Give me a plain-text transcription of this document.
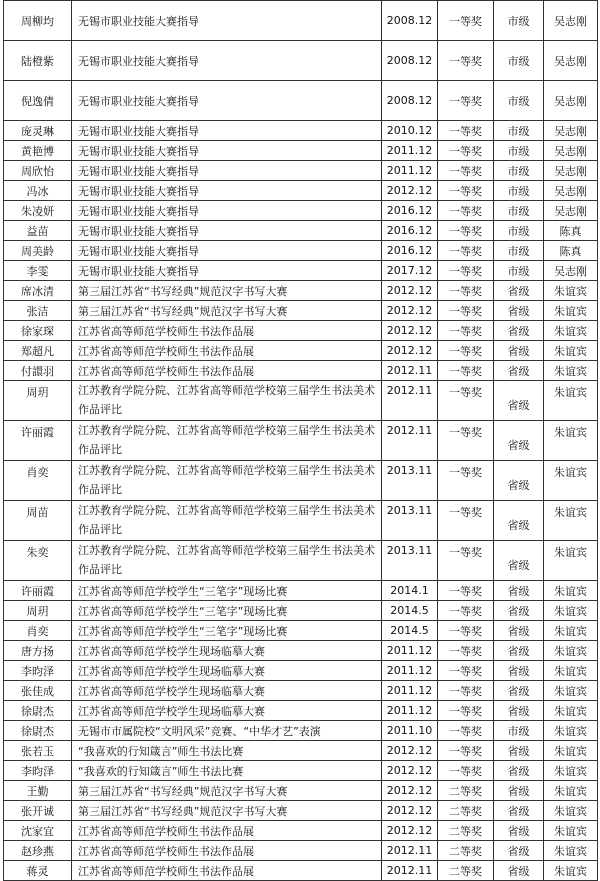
周柳均	无锡市职业技能大赛指导	2008.12	一等奖	市级	吴志刚
陆橙紫	无锡市职业技能大赛指导	2008.12	一等奖	市级	吴志刚
倪逸倩	无锡市职业技能大赛指导	2008.12	一等奖	市级	吴志刚
庞灵琳	无锡市职业技能大赛指导	2010.12	一等奖	市级	吴志刚
黄艳博	无锡市职业技能大赛指导	2011.12	一等奖	市级	吴志刚
周欣怡	无锡市职业技能大赛指导	2011.12	一等奖	市级	吴志刚
冯冰	无锡市职业技能大赛指导	2012.12	一等奖	市级	吴志刚
朱凌妍	无锡市职业技能大赛指导	2016.12	一等奖	市级	吴志刚
益苗	无锡市职业技能大赛指导	2016.12	一等奖	市级	陈真
周美龄	无锡市职业技能大赛指导	2016.12	一等奖	市级	陈真
李雯	无锡市职业技能大赛指导	2017.12	一等奖	市级	吴志刚
席冰清	第三届江苏省“书写经典”规范汉字书写大赛	2012.12	一等奖	省级	朱谊宾
张洁	第三届江苏省“书写经典”规范汉字书写大赛	2012.12	一等奖	省级	朱谊宾
徐家琛	江苏省高等师范学校师生书法作品展	2012.12	一等奖	省级	朱谊宾
郑超凡	江苏省高等师范学校师生书法作品展	2012.12	一等奖	省级	朱谊宾
付譞羽	江苏省高等师范学校师生书法作品展	2012.11	一等奖	省级	朱谊宾
周玥	江苏教育学院分院、江苏省高等师范学校第三届学生书法美术作品评比	2012.11	一等奖	省级	朱谊宾
许丽霞	江苏教育学院分院、江苏省高等师范学校第三届学生书法美术作品评比	2012.11	一等奖	省级	朱谊宾
肖奕	江苏教育学院分院、江苏省高等师范学校第三届学生书法美术作品评比	2013.11	一等奖	省级	朱谊宾
周苗	江苏教育学院分院、江苏省高等师范学校第三届学生书法美术作品评比	2013.11	一等奖	省级	朱谊宾
朱奕	江苏教育学院分院、江苏省高等师范学校第三届学生书法美术作品评比	2013.11	一等奖	省级	朱谊宾
许丽霞	江苏省高等师范学校学生“三笔字”现场比赛	2014.1	一等奖	省级	朱谊宾
周玥	江苏省高等师范学校学生“三笔字”现场比赛	2014.5	一等奖	省级	朱谊宾
肖奕	江苏省高等师范学校学生“三笔字”现场比赛	2014.5	一等奖	省级	朱谊宾
唐方扬	江苏省高等师范学校学生现场临摹大赛	2011.12	一等奖	省级	朱谊宾
李昀泽	江苏省高等师范学校学生现场临摹大赛	2011.12	一等奖	省级	朱谊宾
张佳成	江苏省高等师范学校学生现场临摹大赛	2011.12	一等奖	省级	朱谊宾
徐尉杰	江苏省高等师范学校学生现场临摹大赛	2011.12	一等奖	省级	朱谊宾
徐尉杰	无锡市市属院校“文明风采”竞赛、“中华才艺”表演	2011.10	一等奖	市级	朱谊宾
张若玉	“我喜欢的行知箴言”师生书法比赛	2012.12	一等奖	省级	朱谊宾
李昀泽	“我喜欢的行知箴言”师生书法比赛	2012.12	一等奖	省级	朱谊宾
王勤	第三届江苏省“书写经典”规范汉字书写大赛	2012.12	二等奖	省级	朱谊宾
张开诚	第三届江苏省“书写经典”规范汉字书写大赛	2012.12	二等奖	省级	朱谊宾
沈家宜	江苏省高等师范学校师生书法作品展	2012.12	二等奖	省级	朱谊宾
赵珍燕	江苏省高等师范学校师生书法作品展	2012.11	二等奖	省级	朱谊宾
蒋灵	江苏省高等师范学校师生书法作品展	2012.11	二等奖	省级	朱谊宾
